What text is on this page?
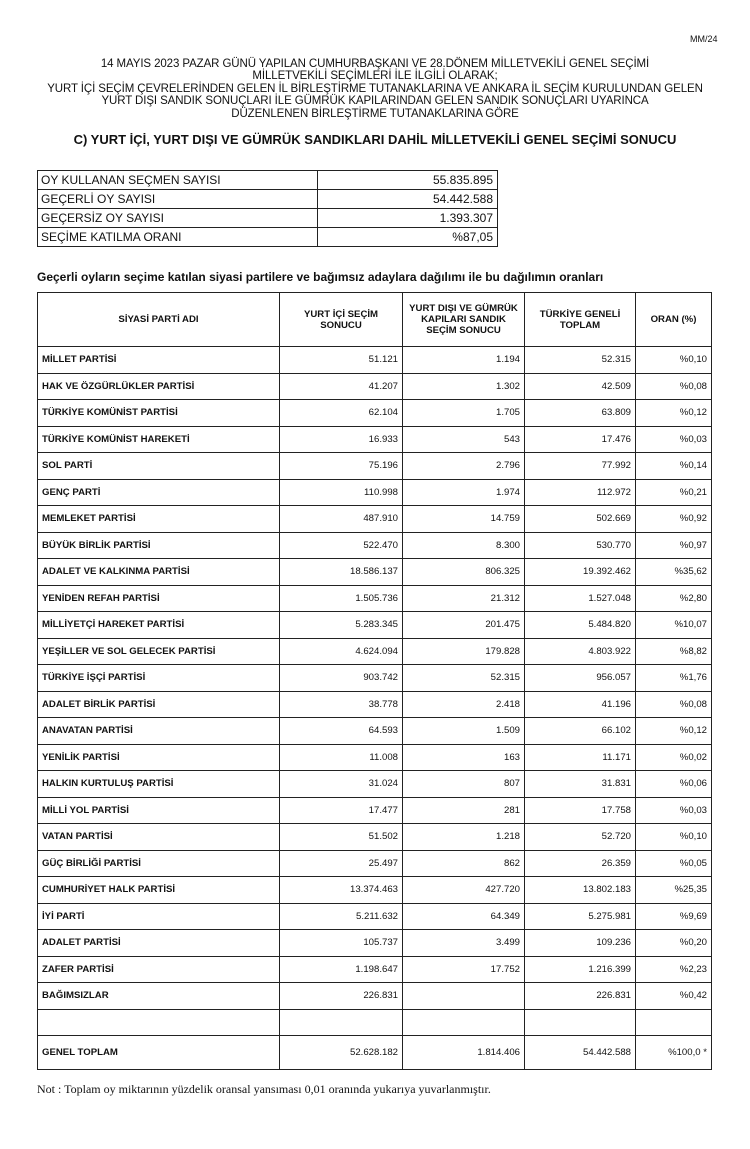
MM/24
14 MAYIS 2023 PAZAR GÜNÜ YAPILAN CUMHURBAŞKANI VE 28.DÖNEM MİLLETVEKİLİ GENEL SEÇİMİ
MİLLETVEKİLİ SEÇİMLERİ İLE İLGİLİ OLARAK;
YURT İÇİ SEÇİM ÇEVRELERİNDEN GELEN İL BİRLEŞTİRME TUTANAKLARINA VE ANKARA İL SEÇİM KURULUNDAN GELEN
YURT DIŞI SANDIK SONUÇLARI İLE GÜMRÜK KAPILARINDAN GELEN SANDIK SONUÇLARI UYARINCA
DÜZENLENEN BİRLEŞTİRME TUTANAKLARINA GÖRE
C) YURT İÇİ, YURT DIŞI VE GÜMRÜK SANDIKLARI DAHİL MİLLETVEKİLİ GENEL SEÇİMİ SONUCU
OY KULLANAN SEÇMEN SAYISI	55.835.895
GEÇERLİ OY SAYISI	54.442.588
GEÇERSİZ OY SAYISI	1.393.307
SEÇİME KATILMA ORANI	%87,05
Geçerli oyların seçime katılan siyasi partilere ve bağımsız adaylara dağılımı ile bu dağılımın oranları
SİYASİ PARTİ ADI	YURT İÇİ SEÇİM SONUCU	YURT DIŞI VE GÜMRÜK KAPILARI SANDIK SEÇİM SONUCU	TÜRKİYE GENELİ TOPLAM	ORAN (%)
MİLLET PARTİSİ	51.121	1.194	52.315	%0,10
HAK VE ÖZGÜRLÜKLER PARTİSİ	41.207	1.302	42.509	%0,08
TÜRKİYE KOMÜNİST PARTİSİ	62.104	1.705	63.809	%0,12
TÜRKİYE KOMÜNİST HAREKETİ	16.933	543	17.476	%0,03
SOL PARTİ	75.196	2.796	77.992	%0,14
GENÇ PARTİ	110.998	1.974	112.972	%0,21
MEMLEKET PARTİSİ	487.910	14.759	502.669	%0,92
BÜYÜK BİRLİK PARTİSİ	522.470	8.300	530.770	%0,97
ADALET VE KALKINMA PARTİSİ	18.586.137	806.325	19.392.462	%35,62
YENİDEN REFAH PARTİSİ	1.505.736	21.312	1.527.048	%2,80
MİLLİYETÇİ HAREKET PARTİSİ	5.283.345	201.475	5.484.820	%10,07
YEŞİLLER VE SOL GELECEK PARTİSİ	4.624.094	179.828	4.803.922	%8,82
TÜRKİYE İŞÇİ PARTİSİ	903.742	52.315	956.057	%1,76
ADALET BİRLİK PARTİSİ	38.778	2.418	41.196	%0,08
ANAVATAN PARTİSİ	64.593	1.509	66.102	%0,12
YENİLİK PARTİSİ	11.008	163	11.171	%0,02
HALKIN KURTULUŞ PARTİSİ	31.024	807	31.831	%0,06
MİLLİ YOL PARTİSİ	17.477	281	17.758	%0,03
VATAN PARTİSİ	51.502	1.218	52.720	%0,10
GÜÇ BİRLİĞİ PARTİSİ	25.497	862	26.359	%0,05
CUMHURİYET HALK PARTİSİ	13.374.463	427.720	13.802.183	%25,35
İYİ PARTİ	5.211.632	64.349	5.275.981	%9,69
ADALET PARTİSİ	105.737	3.499	109.236	%0,20
ZAFER PARTİSİ	1.198.647	17.752	1.216.399	%2,23
BAĞIMSIZLAR	226.831		226.831	%0,42

GENEL TOPLAM	52.628.182	1.814.406	54.442.588	%100,0 *
Not : Toplam oy miktarının yüzdelik oransal yansıması 0,01 oranında yukarıya yuvarlanmıştır.
